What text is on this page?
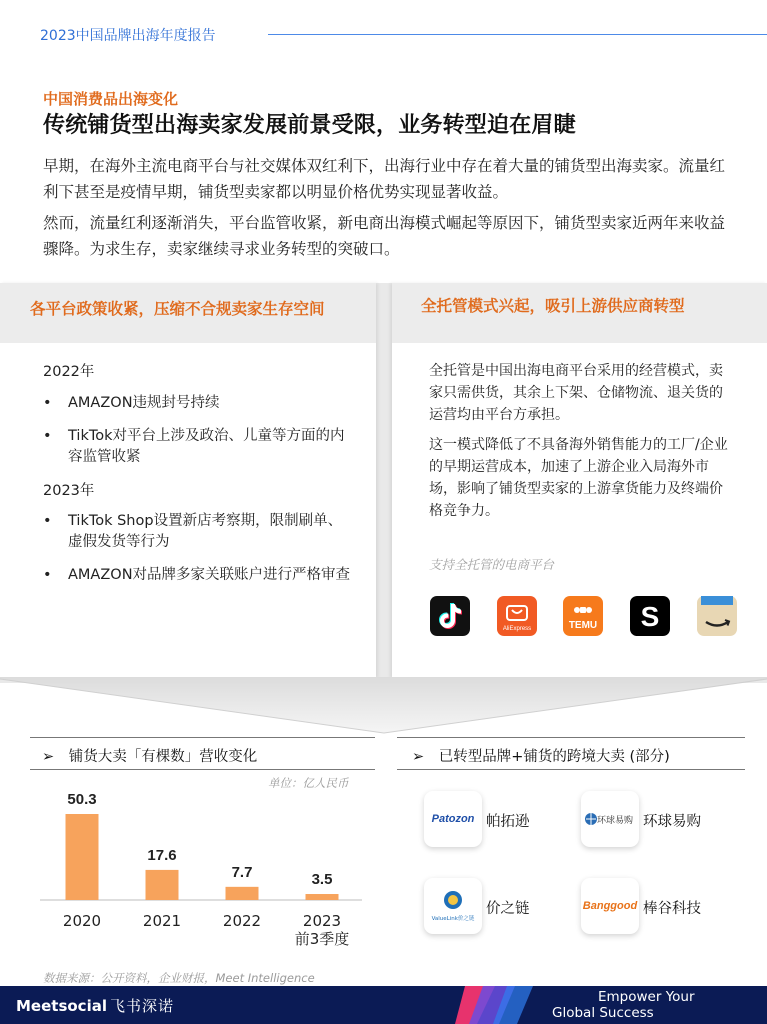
2023中国品牌出海年度报告
中国消费品出海变化
传统铺货型出海卖家发展前景受限，业务转型迫在眉睫

早期，在海外主流电商平台与社交媒体双红利下，出海行业中存在着大量的铺货型出海卖家。流量红利下甚至是疫情早期，铺货型卖家都以明显价格优势实现显著收益。

然而，流量红利逐渐消失，平台监管收紧，新电商出海模式崛起等原因下，铺货型卖家近两年来收益骤降。为求生存，卖家继续寻求业务转型的突破口。

各平台政策收紧，压缩不合规卖家生存空间
2022年
•	AMAZON违规封号持续
•	TikTok对平台上涉及政治、儿童等方面的内容监管收紧
2023年
•	TikTok Shop设置新店考察期，限制刷单、虚假发货等行为
•	AMAZON对品牌多家关联账户进行严格审查
全托管模式兴起，吸引上游供应商转型

全托管是中国出海电商平台采用的经营模式，卖家只需供货，其余上下架、仓储物流、退关货的运营均由平台方承担。

这一模式降低了不具备海外销售能力的工厂/企业的早期运营成本，加速了上游企业入局海外市场，影响了铺货型卖家的上游拿货能力及终端价格竞争力。

支持全托管的电商平台
AliExpress	TEMU S
➢ 铺货大卖「有棵数」营收变化
单位：亿人民币
50.3
2020
17.6
2021
7.7
2022
3.5
2023
前3季度
➢ 已转型品牌+铺货的跨境大卖 (部分)
Patozon 帕拓逊	环球易购 环球易购
ValueLink价之链
价之链	Banggood 棒谷科技
数据来源：公开资料，企业财报，Meet Intelligence
Meetsocial 飞书深诺	Empower Your
Global Success
